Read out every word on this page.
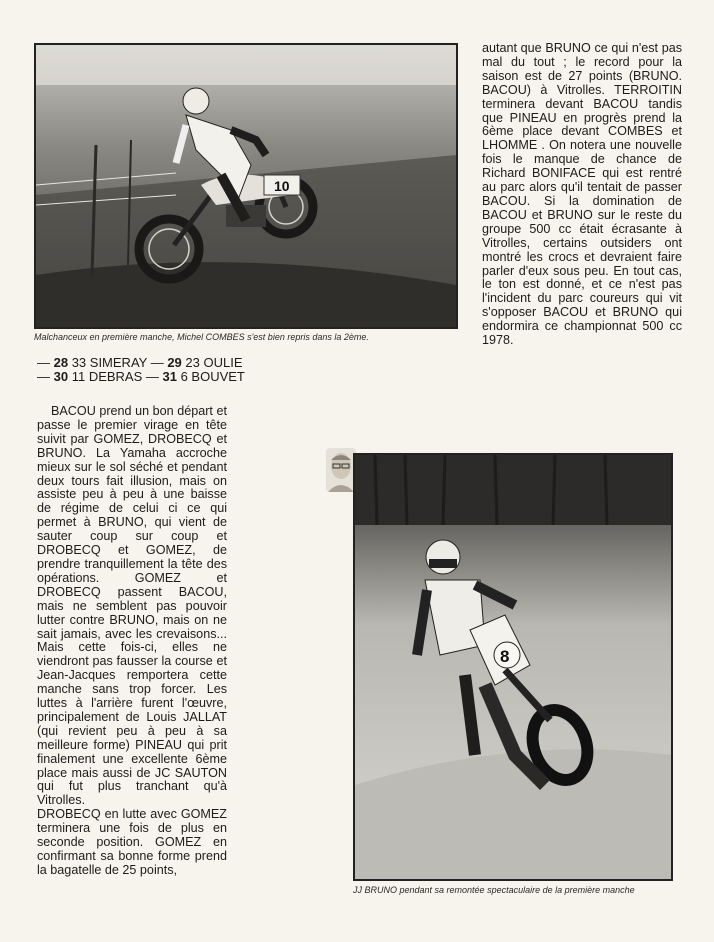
10
Malchanceux en première manche, Michel COMBES s'est bien repris dans la 2ème.

autant que BRUNO ce qui n'est pas mal du tout ; le record pour la saison est de 27 points (BRUNO. BACOU) à Vitrolles. TERROITIN terminera devant BACOU tandis que PINEAU en progrès prend la 6ème place devant COMBES et LHOMME . On notera une nouvelle fois le manque de chance de Richard BONIFACE qui est rentré au parc alors qu'il tentait de passer BACOU. Si la domination de BACOU et BRUNO sur le reste du groupe 500 cc était écrasante à Vitrolles, certains outsiders ont montré les crocs et devraient faire parler d'eux sous peu. En tout cas, le ton est donné, et ce n'est pas l'incident du parc coureurs qui vit s'opposer BACOU et BRUNO qui endormira ce championnat 500 cc 1978.

— 28 33 SIMERAY — 29 23 OULIE — 30 11 DEBRAS — 31 6 BOUVET

BACOU prend un bon départ et passe le premier virage en tête suivit par GOMEZ, DROBECQ et BRUNO. La Yamaha accroche mieux sur le sol séché et pendant deux tours fait illusion, mais on assiste peu à peu à une baisse de régime de celui ci ce qui permet à BRUNO, qui vient de sauter coup sur coup et DROBECQ et GOMEZ, de prendre tranquillement la tête des opérations. GOMEZ et DROBECQ passent BACOU, mais ne semblent pas pouvoir lutter contre BRUNO, mais on ne sait jamais, avec les crevaisons... Mais cette fois-ci, elles ne viendront pas fausser la course et Jean-Jacques remportera cette manche sans trop forcer. Les luttes à l'arrière furent l'œuvre, principalement de Louis JALLAT (qui revient peu à peu à sa meilleure forme) PINEAU qui prit finalement une excellente 6ème place mais aussi de JC SAUTON qui fut plus tranchant qu'à Vitrolles.

DROBECQ en lutte avec GOMEZ terminera une fois de plus en seconde position. GOMEZ en confirmant sa bonne forme prend la bagatelle de 25 points,

8
JJ BRUNO pendant sa remontée spectaculaire de la première manche
